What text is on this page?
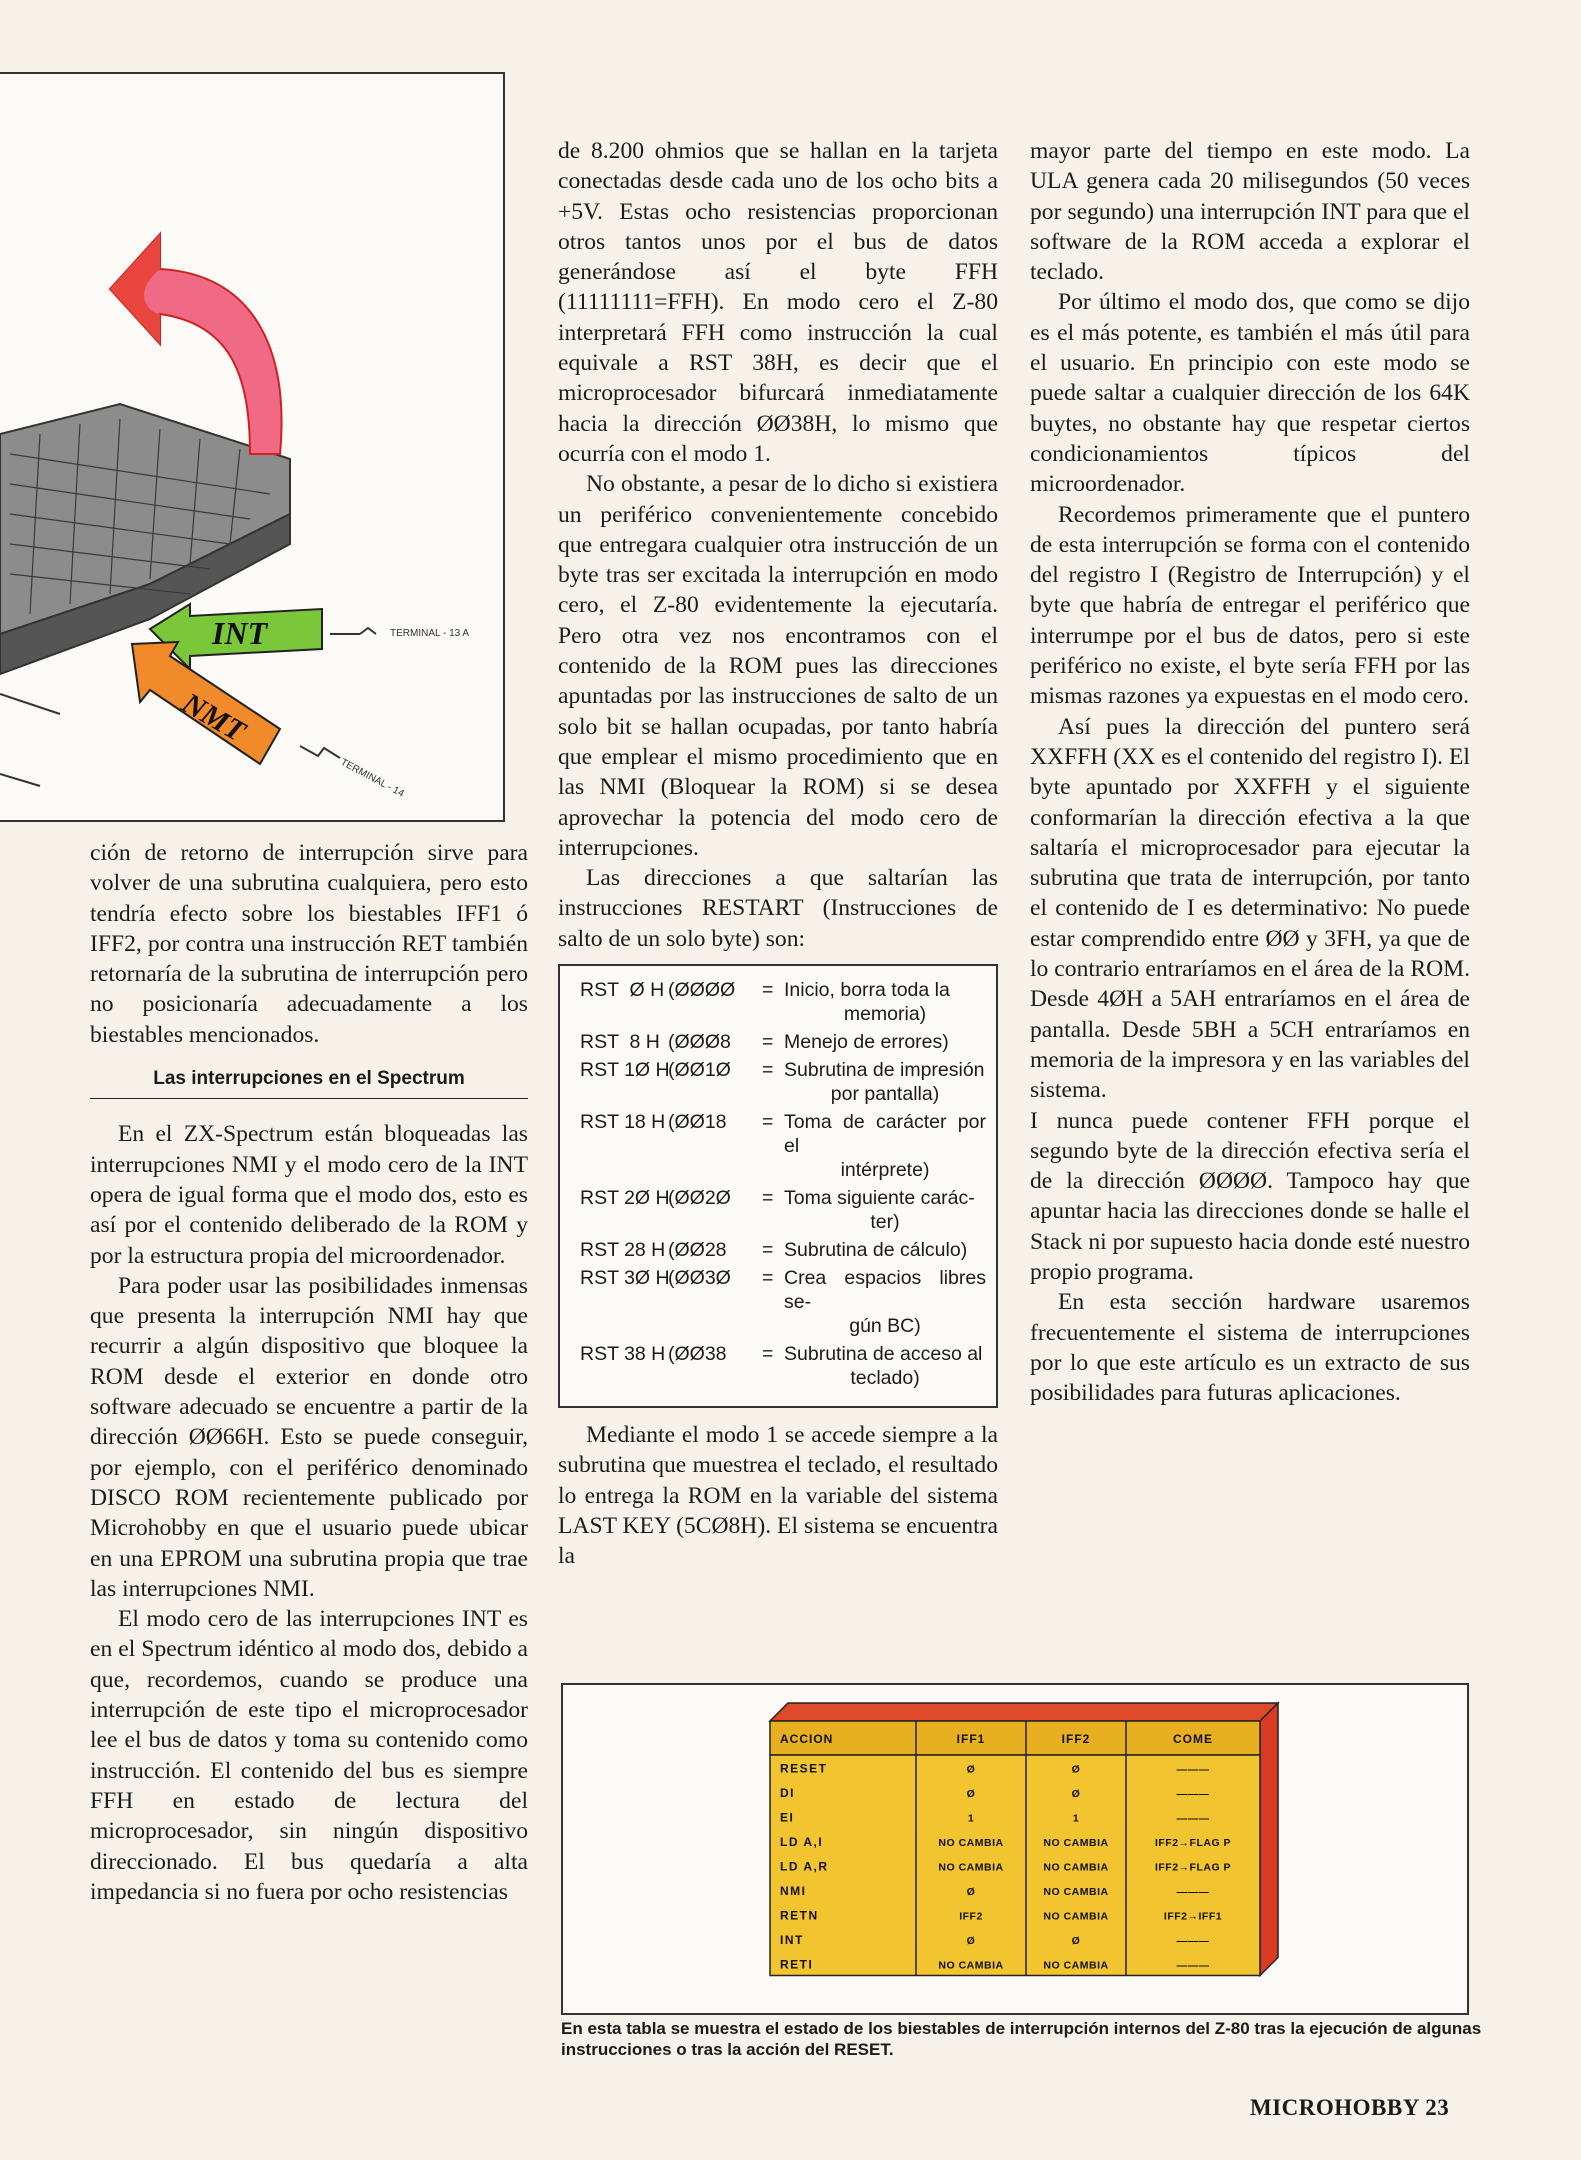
INT	TERMINAL - 13 A
NMT
TERMINAL - 14

ción de retorno de interrupción sirve para volver de una subrutina cualquiera, pero esto tendría efecto sobre los biestables IFF1 ó IFF2, por contra una instrucción RET también retornaría de la subrutina de interrupción pero no posicionaría adecuadamente a los biestables mencionados.

Las interrupciones en el Spectrum

En el ZX-Spectrum están bloqueadas las interrupciones NMI y el modo cero de la INT opera de igual forma que el modo dos, esto es así por el contenido deliberado de la ROM y por la estructura propia del microordenador.

Para poder usar las posibilidades inmensas que presenta la interrupción NMI hay que recurrir a algún dispositivo que bloquee la ROM desde el exterior en donde otro software adecuado se encuentre a partir de la dirección ØØ66H. Esto se puede conseguir, por ejemplo, con el periférico denominado DISCO ROM recientemente publicado por Microhobby en que el usuario puede ubicar en una EPROM una subrutina propia que trae las interrupciones NMI.

El modo cero de las interrupciones INT es en el Spectrum idéntico al modo dos, debido a que, recordemos, cuando se produce una interrupción de este tipo el microprocesador lee el bus de datos y toma su contenido como instrucción. El contenido del bus es siempre FFH en estado de lectura del microprocesador, sin ningún dispositivo direccionado. El bus quedaría a alta impedancia si no fuera por ocho resistencias

de 8.200 ohmios que se hallan en la tarjeta conectadas desde cada uno de los ocho bits a +5V. Estas ocho resistencias proporcionan otros tantos unos por el bus de datos generándose así el byte FFH (11111111=FFH). En modo cero el Z-80 interpretará FFH como instrucción la cual equivale a RST 38H, es decir que el microprocesador bifurcará inmediatamente hacia la dirección ØØ38H, lo mismo que ocurría con el modo 1.

No obstante, a pesar de lo dicho si existiera un periférico convenientemente concebido que entregara cualquier otra instrucción de un byte tras ser excitada la interrupción en modo cero, el Z-80 evidentemente la ejecutaría. Pero otra vez nos encontramos con el contenido de la ROM pues las direcciones apuntadas por las instrucciones de salto de un solo bit se hallan ocupadas, por tanto habría que emplear el mismo procedimiento que en las NMI (Bloquear la ROM) si se desea aprovechar la potencia del modo cero de interrupciones.

Las direcciones a que saltarían las instrucciones RESTART (Instrucciones de salto de un solo byte) son:

RST  Ø H (ØØØØ	= Inicio, borra toda la
memoria)
RST  8 H (ØØØ8	= Menejo de errores)
RST 1Ø H
(ØØ1Ø	= Subrutina de impresión
por pantalla)
RST 18 H (ØØ18	= Toma de carácter por el
intérprete)
RST 2Ø H
(ØØ2Ø	= Toma siguiente carác-
ter)
RST 28 H (ØØ28	= Subrutina de cálculo)
RST 3Ø H
(ØØ3Ø	= Crea espacios libres se-
gún BC)
RST 38 H (ØØ38	= Subrutina de acceso al
teclado)

Mediante el modo 1 se accede siempre a la subrutina que muestrea el teclado, el resultado lo entrega la ROM en la variable del sistema LAST KEY (5CØ8H). El sistema se encuentra la

mayor parte del tiempo en este modo. La ULA genera cada 20 milisegundos (50 veces por segundo) una interrupción INT para que el software de la ROM acceda a explorar el teclado.

Por último el modo dos, que como se dijo es el más potente, es también el más útil para el usuario. En principio con este modo se puede saltar a cualquier dirección de los 64K buytes, no obstante hay que respetar ciertos condicionamientos típicos del microordenador.

Recordemos primeramente que el puntero de esta interrupción se forma con el contenido del registro I (Registro de Interrupción) y el byte que habría de entregar el periférico que interrumpe por el bus de datos, pero si este periférico no existe, el byte sería FFH por las mismas razones ya expuestas en el modo cero.

Así pues la dirección del puntero será XXFFH (XX es el contenido del registro I). El byte apuntado por XXFFH y el siguiente conformarían la dirección efectiva a la que saltaría el microprocesador para ejecutar la subrutina que trata de interrupción, por tanto el contenido de I es determinativo: No puede estar comprendido entre ØØ y 3FH, ya que de lo contrario entraríamos en el área de la ROM. Desde 4ØH a 5AH entraríamos en el área de pantalla. Desde 5BH a 5CH entraríamos en memoria de la impresora y en las variables del sistema.

I nunca puede contener FFH porque el segundo byte de la dirección efectiva sería el de la dirección ØØØØ. Tampoco hay que apuntar hacia las direcciones donde se halle el Stack ni por supuesto hacia donde esté nuestro propio programa.

En esta sección hardware usaremos frecuentemente el sistema de interrupciones por lo que este artículo es un extracto de sus posibilidades para futuras aplicaciones.

ACCION	IFF1	IFF2	COME
RESET	Ø	Ø	———
DI	Ø	Ø	———
EI	1	1	———
LD A,I	NO CAMBIA	NO CAMBIA	IFF2→FLAG P
LD A,R	NO CAMBIA	NO CAMBIA	IFF2→FLAG P
NMI	Ø	NO CAMBIA	———
RETN	IFF2	NO CAMBIA	IFF2→IFF1
INT	Ø	Ø	———
RETI	NO CAMBIA	NO CAMBIA	———
En esta tabla se muestra el estado de los biestables de interrupción internos del Z-80 tras la ejecución de algunas instrucciones o tras la acción del RESET.
MICROHOBBY 23
